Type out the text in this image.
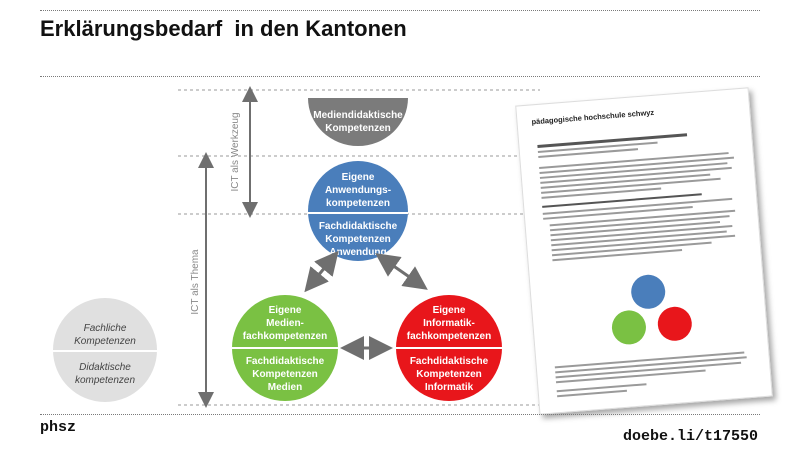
Erklärungsbedarf  in den Kantonen
ICT als Werkzeug
ICT als Thema
Mediendidaktische
Kompetenzen
Eigene
Anwendungs-
kompetenzen
Fachdidaktische
Kompetenzen
Anwendung
Eigene
Medien-
fachkompetenzen
Fachdidaktische
Kompetenzen
Medien
Eigene
Informatik-
fachkompetenzen
Fachdidaktische
Kompetenzen
Informatik
Fachliche
Kompetenzen
Didaktische
kompetenzen
pädagogische hochschule schwyz
phsz
doebe.li/t17550
